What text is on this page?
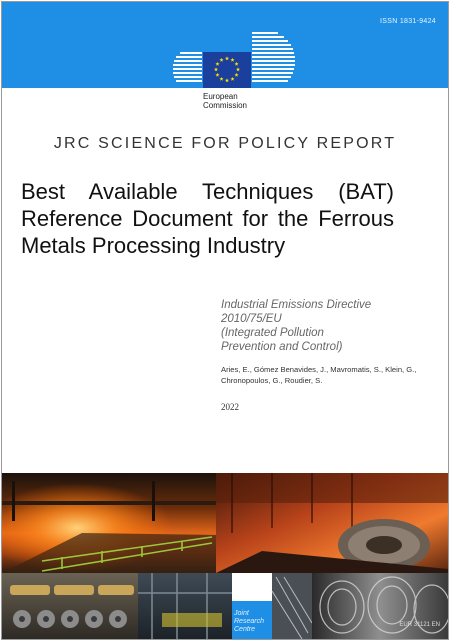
ISSN 1831-9424
European
Commission
JRC SCIENCE FOR POLICY REPORT
Best Available Techniques (BAT) Reference Document for the Ferrous Metals Processing Industry
Industrial Emissions Directive
2010/75/EU
(Integrated Pollution
Prevention and Control)
Aries, E., Gómez Benavides, J., Mavromatis, S., Klein, G.,
Chronopoulos, G., Roudier, S.
2022
Joint
Research
Centre
EUR 31121 EN
